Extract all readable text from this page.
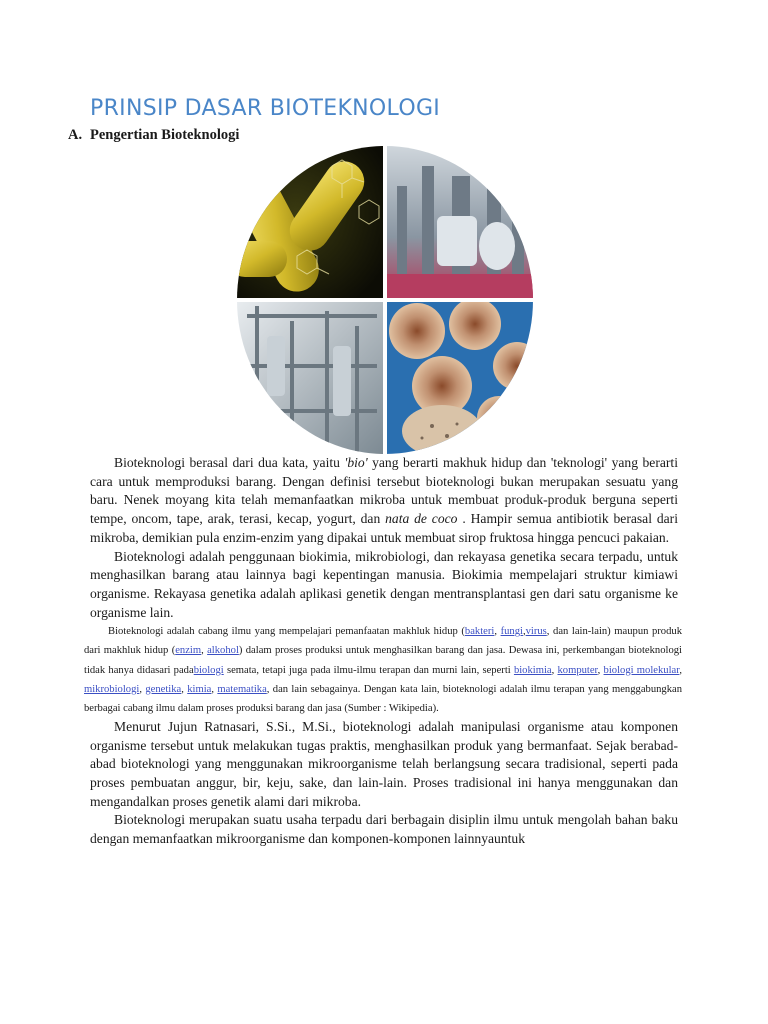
PRINSIP DASAR BIOTEKNOLOGI
A. Pengertian Bioteknologi

Bioteknologi berasal dari dua kata, yaitu 'bio' yang berarti makhuk hidup dan 'teknologi' yang berarti cara untuk memproduksi barang. Dengan definisi tersebut bioteknologi bukan merupakan sesuatu yang baru. Nenek moyang kita telah memanfaatkan mikroba untuk membuat produk-produk berguna seperti tempe, oncom, tape, arak, terasi, kecap, yogurt, dan nata de coco . Hampir semua antibiotik berasal dari mikroba, demikian pula enzim-enzim yang dipakai untuk membuat sirop fruktosa hingga pencuci pakaian.

Bioteknologi adalah penggunaan biokimia, mikrobiologi, dan rekayasa genetika secara terpadu, untuk menghasilkan barang atau lainnya bagi kepentingan manusia. Biokimia mempelajari struktur kimiawi organisme. Rekayasa genetika adalah aplikasi genetik dengan mentransplantasi gen dari satu organisme ke organisme lain.

Bioteknologi adalah cabang ilmu yang mempelajari pemanfaatan makhluk hidup (bakteri, fungi,virus, dan lain-lain) maupun produk dari makhluk hidup (enzim, alkohol) dalam proses produksi untuk menghasilkan barang dan jasa. Dewasa ini, perkembangan bioteknologi tidak hanya didasari padabiologi semata, tetapi juga pada ilmu-ilmu terapan dan murni lain, seperti biokimia, komputer, biologi molekular, mikrobiologi, genetika, kimia, matematika, dan lain sebagainya. Dengan kata lain, bioteknologi adalah ilmu terapan yang menggabungkan berbagai cabang ilmu dalam proses produksi barang dan jasa (Sumber : Wikipedia).

Menurut Jujun Ratnasari, S.Si., M.Si., bioteknologi adalah manipulasi organisme atau komponen organisme tersebut untuk melakukan tugas praktis, menghasilkan produk yang bermanfaat. Sejak berabad-abad bioteknologi yang menggunakan mikroorganisme telah berlangsung secara tradisional, seperti pada proses pembuatan anggur, bir, keju, sake, dan lain-lain. Proses tradisional ini hanya menggunakan dan mengandalkan proses genetik alami dari mikroba.

Bioteknologi merupakan suatu usaha terpadu dari berbagain disiplin ilmu untuk mengolah bahan baku dengan memanfaatkan mikroorganisme dan komponen-komponen lainnyauntuk
